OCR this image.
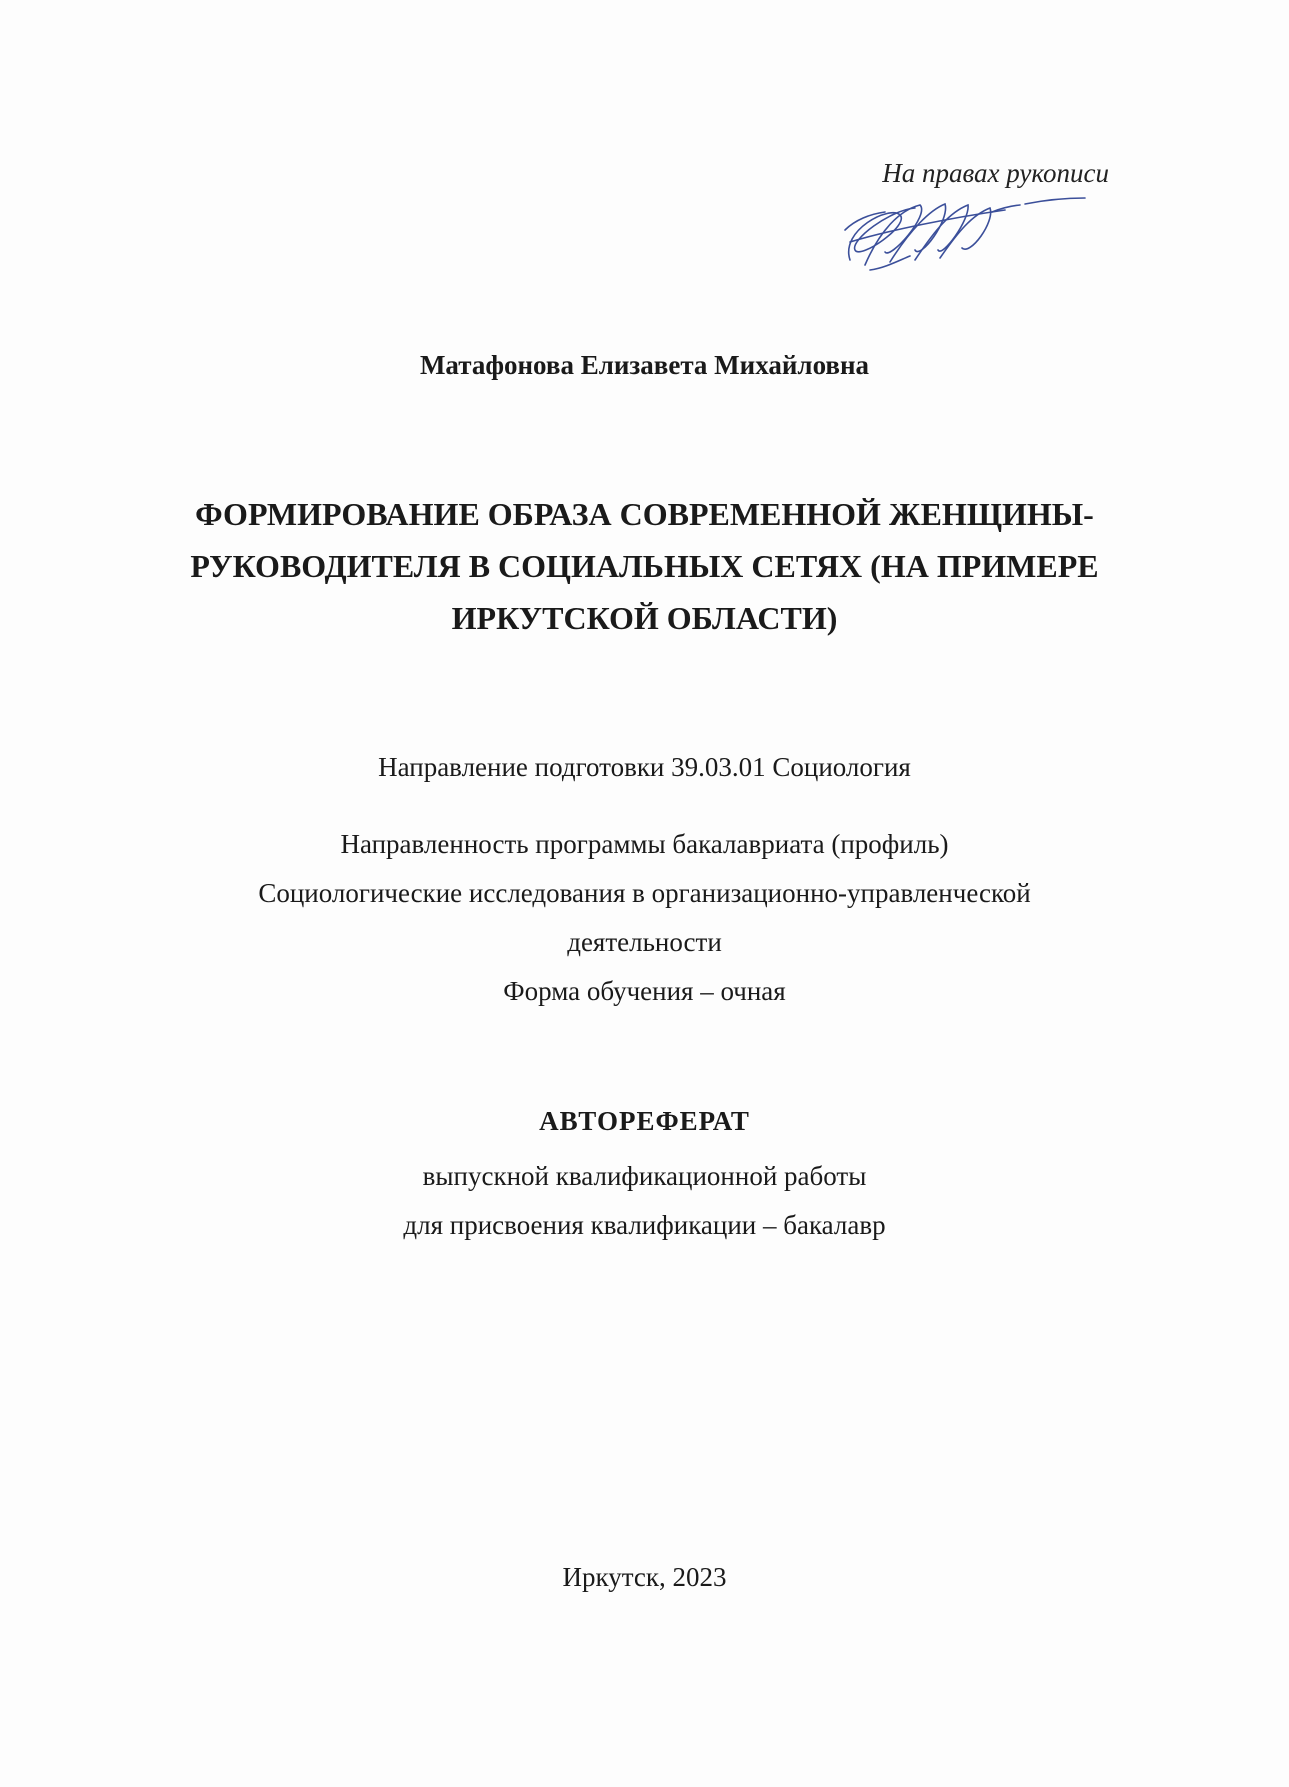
На правах рукописи
Матафонова Елизавета Михайловна
ФОРМИРОВАНИЕ ОБРАЗА СОВРЕМЕННОЙ ЖЕНЩИНЫ-
РУКОВОДИТЕЛЯ В СОЦИАЛЬНЫХ СЕТЯХ (НА ПРИМЕРЕ
ИРКУТСКОЙ ОБЛАСТИ)
Направление подготовки 39.03.01 Социология
Направленность программы бакалавриата (профиль)
Социологические исследования в организационно-управленческой
деятельности
Форма обучения – очная
АВТОРЕФЕРАТ
выпускной квалификационной работы
для присвоения квалификации – бакалавр
Иркутск, 2023
